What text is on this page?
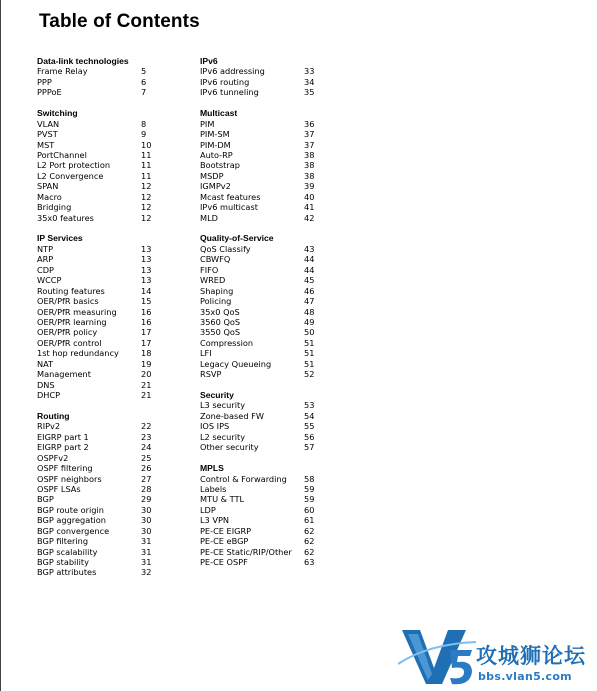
Table of Contents
Data-link technologies
Frame Relay	5
PPP	6
PPPoE	7
Switching
VLAN	8
PVST	9
MST	10
PortChannel	11
L2 Port protection	11
L2 Convergence	11
SPAN	12
Macro	12
Bridging	12
35x0 features	12
IP Services
NTP	13
ARP	13
CDP	13
WCCP	13
Routing features	14
OER/PfR basics	15
OER/PfR measuring	16
OER/PfR learning	16
OER/PfR policy	17
OER/PfR control	17
1st hop redundancy	18
NAT	19
Management	20
DNS	21
DHCP	21
Routing
RIPv2	22
EIGRP part 1	23
EIGRP part 2	24
OSPFv2	25
OSPF filtering	26
OSPF neighbors	27
OSPF LSAs	28
BGP	29
BGP route origin	30
BGP aggregation	30
BGP convergence	30
BGP filtering	31
BGP scalability	31
BGP stability	31
BGP attributes	32
IPv6
IPv6 addressing	33
IPv6 routing	34
IPv6 tunneling	35
Multicast
PIM	36
PIM-SM	37
PIM-DM	37
Auto-RP	38
Bootstrap	38
MSDP	38
IGMPv2	39
Mcast features	40
IPv6 multicast	41
MLD	42
Quality-of-Service
QoS Classify	43
CBWFQ	44
FIFO	44
WRED	45
Shaping	46
Policing	47
35x0 QoS	48
3560 QoS	49
3550 QoS	50
Compression	51
LFI	51
Legacy Queueing	51
RSVP	52
Security
L3 security	53
Zone-based FW	54
IOS IPS	55
L2 security	56
Other security	57
MPLS
Control & Forwarding 58
Labels	59
MTU & TTL	59
LDP	60
L3 VPN	61
PE-CE EIGRP	62
PE-CE eBGP	62
PE-CE Static/RIP/Other 62
PE-CE OSPF	63
攻城狮论坛
bbs.vlan5.com
